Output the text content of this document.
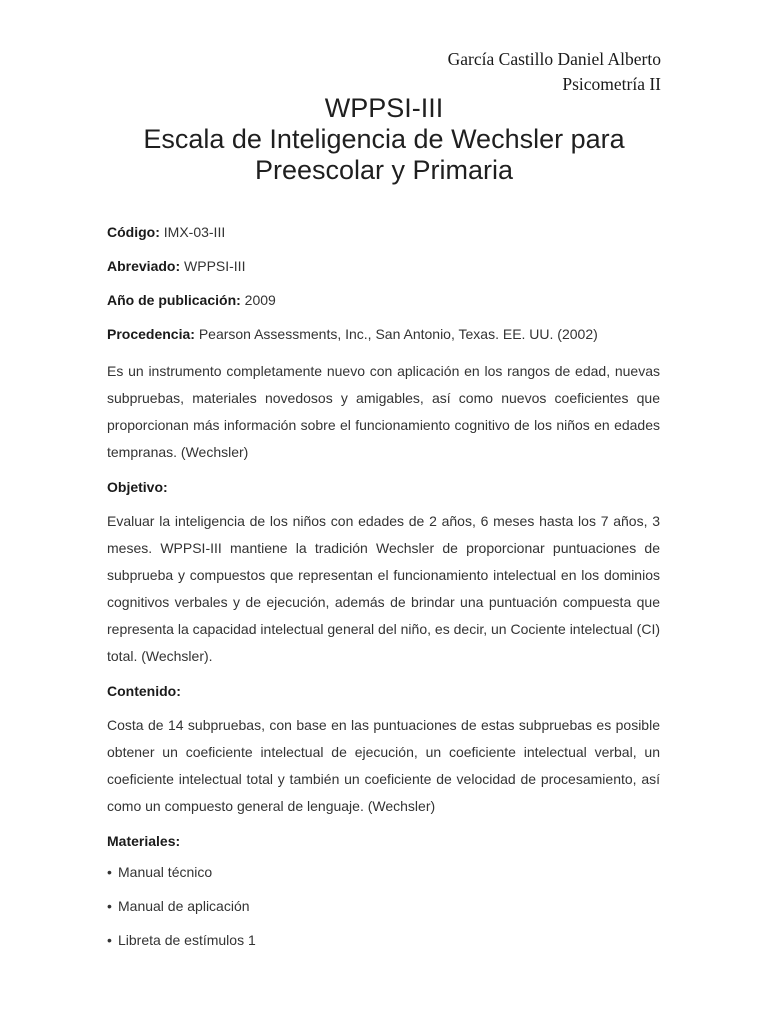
García Castillo Daniel Alberto
Psicometría II
WPPSI-III
Escala de Inteligencia de Wechsler para
Preescolar y Primaria

Código: IMX-03-III

Abreviado: WPPSI-III

Año de publicación: 2009

Procedencia: Pearson Assessments, Inc., San Antonio, Texas. EE. UU. (2002)

Es un instrumento completamente nuevo con aplicación en los rangos de edad, nuevas subpruebas, materiales novedosos y amigables, así como nuevos coeficientes que proporcionan más información sobre el funcionamiento cognitivo de los niños en edades tempranas. (Wechsler)

Objetivo:

Evaluar la inteligencia de los niños con edades de 2 años, 6 meses hasta los 7 años, 3 meses. WPPSI-III mantiene la tradición Wechsler de proporcionar puntuaciones de subprueba y compuestos que representan el funcionamiento intelectual en los dominios cognitivos verbales y de ejecución, además de brindar una puntuación compuesta que representa la capacidad intelectual general del niño, es decir, un Cociente intelectual (CI) total. (Wechsler).

Contenido:

Costa de 14 subpruebas, con base en las puntuaciones de estas subpruebas es posible obtener un coeficiente intelectual de ejecución, un coeficiente intelectual verbal, un coeficiente intelectual total y también un coeficiente de velocidad de procesamiento, así como un compuesto general de lenguaje. (Wechsler)

Materiales:

• Manual técnico
• Manual de aplicación
• Libreta de estímulos 1
